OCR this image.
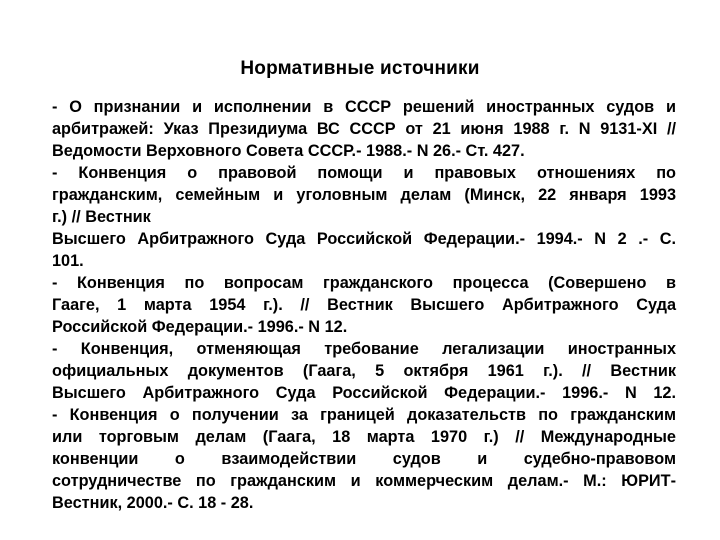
Нормативные источники
- О признании и исполнении в СССР решений иностранных судов и
арбитражей: Указ Президиума ВС СССР от 21 июня 1988 г. N 9131-XI //
Ведомости Верховного Совета СССР.- 1988.- N 26.- Ст. 427.
- Конвенция о правовой помощи и правовых отношениях по
гражданским, семейным и уголовным делам (Минск, 22 января 1993
г.) // Вестник
Высшего Арбитражного Суда Российской Федерации.- 1994.- N 2 .- С.
101.
- Конвенция по вопросам гражданского процесса (Совершено в
Гааге, 1 марта 1954 г.). // Вестник Высшего Арбитражного Суда
Российской Федерации.- 1996.- N 12.
- Конвенция, отменяющая требование легализации иностранных
официальных документов (Гаага, 5 октября 1961 г.). // Вестник
Высшего Арбитражного Суда Российской Федерации.- 1996.- N 12.
- Конвенция о получении за границей доказательств по гражданским
или торговым делам (Гаага, 18 марта 1970 г.) // Международные
конвенции о взаимодействии судов и судебно-правовом
сотрудничестве по гражданским и коммерческим делам.- М.: ЮРИТ-
Вестник, 2000.- С. 18 - 28.
